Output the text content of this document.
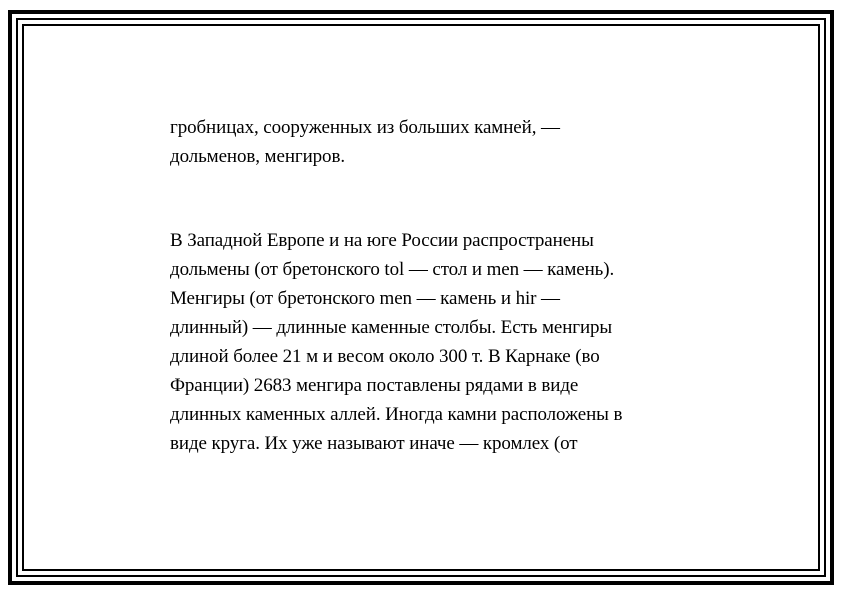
гробницах, сооруженных из больших камней, —
дольменов, менгиров.
В Западной Европе и на юге России распространены
дольмены (от бретонского tol — стол и men — камень).
Менгиры (от бретонского men — камень и hir —
длинный) — длинные каменные столбы. Есть менгиры
длиной более 21 м и весом около 300 т. В Карнаке (во
Франции) 2683 менгира поставлены рядами в виде
длинных каменных аллей. Иногда камни расположены в
виде круга. Их уже называют иначе — кромлех (от
